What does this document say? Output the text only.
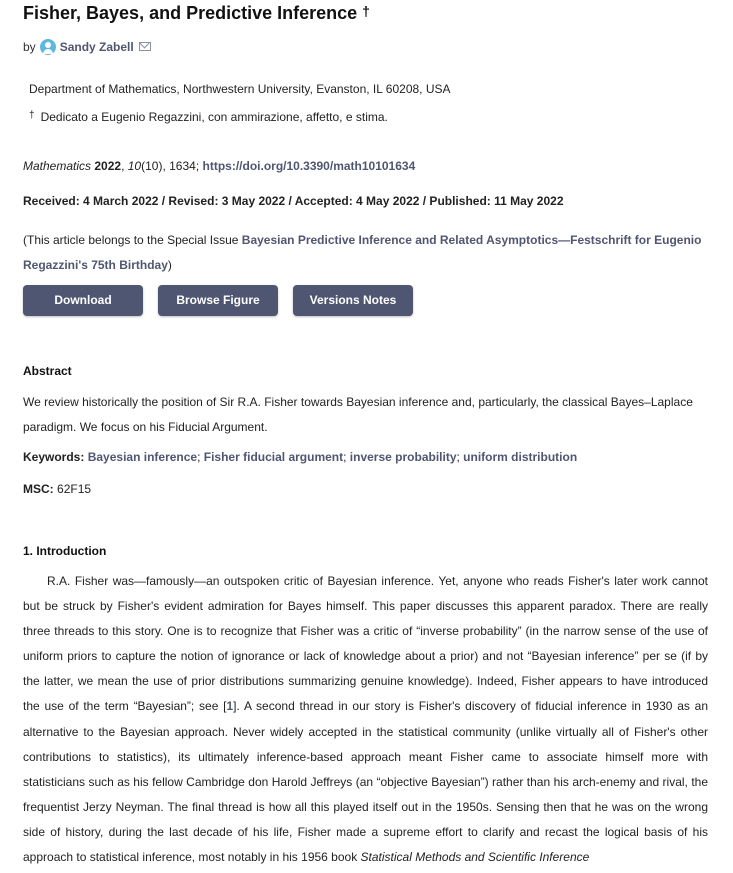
Fisher, Bayes, and Predictive Inference †
by Sandy Zabell
Department of Mathematics, Northwestern University, Evanston, IL 60208, USA
† Dedicato a Eugenio Regazzini, con ammirazione, affetto, e stima.
Mathematics 2022, 10(10), 1634; https://doi.org/10.3390/math10101634
Received: 4 March 2022 / Revised: 3 May 2022 / Accepted: 4 May 2022 / Published: 11 May 2022
(This article belongs to the Special Issue Bayesian Predictive Inference and Related Asymptotics—Festschrift for Eugenio Regazzini's 75th Birthday)
Download	Browse Figure	Versions Notes
Abstract
We review historically the position of Sir R.A. Fisher towards Bayesian inference and, particularly, the classical Bayes–Laplace paradigm. We focus on his Fiducial Argument.
Keywords: Bayesian inference; Fisher fiducial argument; inverse probability; uniform distribution
MSC: 62F15
1. Introduction
R.A. Fisher was—famously—an outspoken critic of Bayesian inference. Yet, anyone who reads Fisher's later work cannot but be struck by Fisher's evident admiration for Bayes himself. This paper discusses this apparent paradox. There are really three threads to this story. One is to recognize that Fisher was a critic of “inverse probability” (in the narrow sense of the use of uniform priors to capture the notion of ignorance or lack of knowledge about a prior) and not “Bayesian inference” per se (if by the latter, we mean the use of prior distributions summarizing genuine knowledge). Indeed, Fisher appears to have introduced the use of the term “Bayesian”; see [1]. A second thread in our story is Fisher's discovery of fiducial inference in 1930 as an alternative to the Bayesian approach. Never widely accepted in the statistical community (unlike virtually all of Fisher's other contributions to statistics), its ultimately inference-based approach meant Fisher came to associate himself more with statisticians such as his fellow Cambridge don Harold Jeffreys (an “objective Bayesian”) rather than his arch-enemy and rival, the frequentist Jerzy Neyman. The final thread is how all this played itself out in the 1950s. Sensing then that he was on the wrong side of history, during the last decade of his life, Fisher made a supreme effort to clarify and recast the logical basis of his approach to statistical inference, most notably in his 1956 book Statistical Methods and Scientific Inference
